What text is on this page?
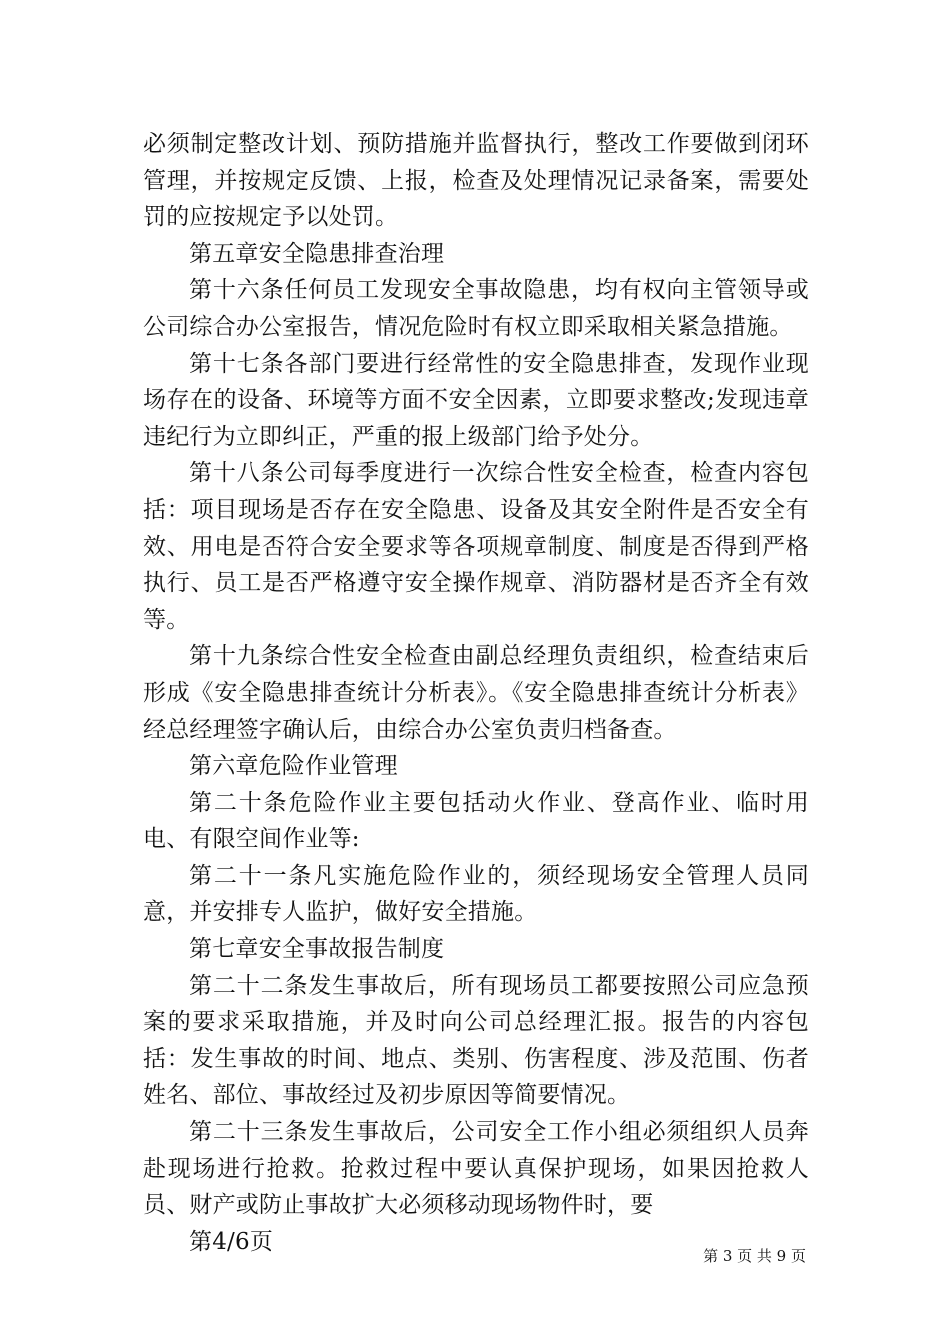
必须制定整改计划、预防措施并监督执行，整改工作要做到闭环管理，并按规定反馈、上报，检查及处理情况记录备案，需要处罚的应按规定予以处罚。

第五章安全隐患排查治理

第十六条任何员工发现安全事故隐患，均有权向主管领导或公司综合办公室报告，情况危险时有权立即采取相关紧急措施。

第十七条各部门要进行经常性的安全隐患排查，发现作业现场存在的设备、环境等方面不安全因素，立即要求整改;发现违章违纪行为立即纠正，严重的报上级部门给予处分。

第十八条公司每季度进行一次综合性安全检查，检查内容包括：项目现场是否存在安全隐患、设备及其安全附件是否安全有效、用电是否符合安全要求等各项规章制度、制度是否得到严格执行、员工是否严格遵守安全操作规章、消防器材是否齐全有效等。

第十九条综合性安全检查由副总经理负责组织，检查结束后形成《安全隐患排查统计分析表》。《安全隐患排查统计分析表》经总经理签字确认后，由综合办公室负责归档备查。

第六章危险作业管理

第二十条危险作业主要包括动火作业、登高作业、临时用电、有限空间作业等:

第二十一条凡实施危险作业的，须经现场安全管理人员同意，并安排专人监护，做好安全措施。

第七章安全事故报告制度

第二十二条发生事故后，所有现场员工都要按照公司应急预案的要求采取措施，并及时向公司总经理汇报。报告的内容包括：发生事故的时间、地点、类别、伤害程度、涉及范围、伤者姓名、部位、事故经过及初步原因等简要情况。

第二十三条发生事故后，公司安全工作小组必须组织人员奔赴现场进行抢救。抢救过程中要认真保护现场，如果因抢救人员、财产或防止事故扩大必须移动现场物件时，要

第4/6页

第 3 页 共 9 页
